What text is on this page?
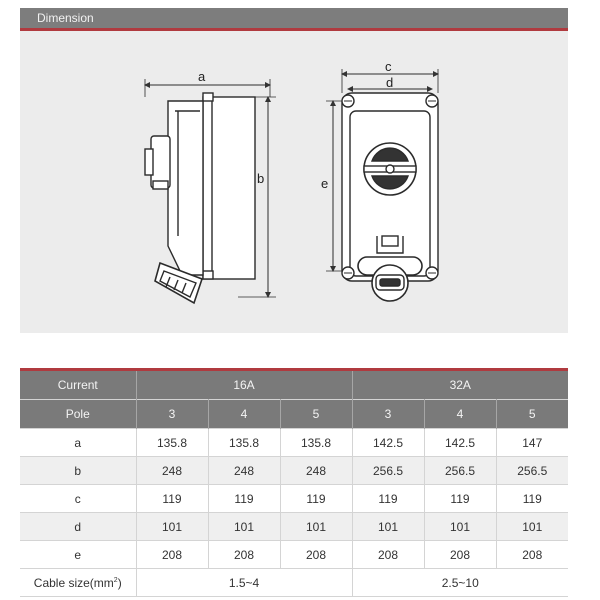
Dimension
a
b
c
d
e
Current	16A			32A		
Pole	3	4	5	3	4	5
a	135.8	135.8	135.8	142.5	142.5	147
b	248	248	248	256.5	256.5	256.5
c	119	119	119	119	119	119
d	101	101	101	101	101	101
e	208	208	208	208	208	208
Cable $size(mm^2)$	1.5~4			2.5~10		
